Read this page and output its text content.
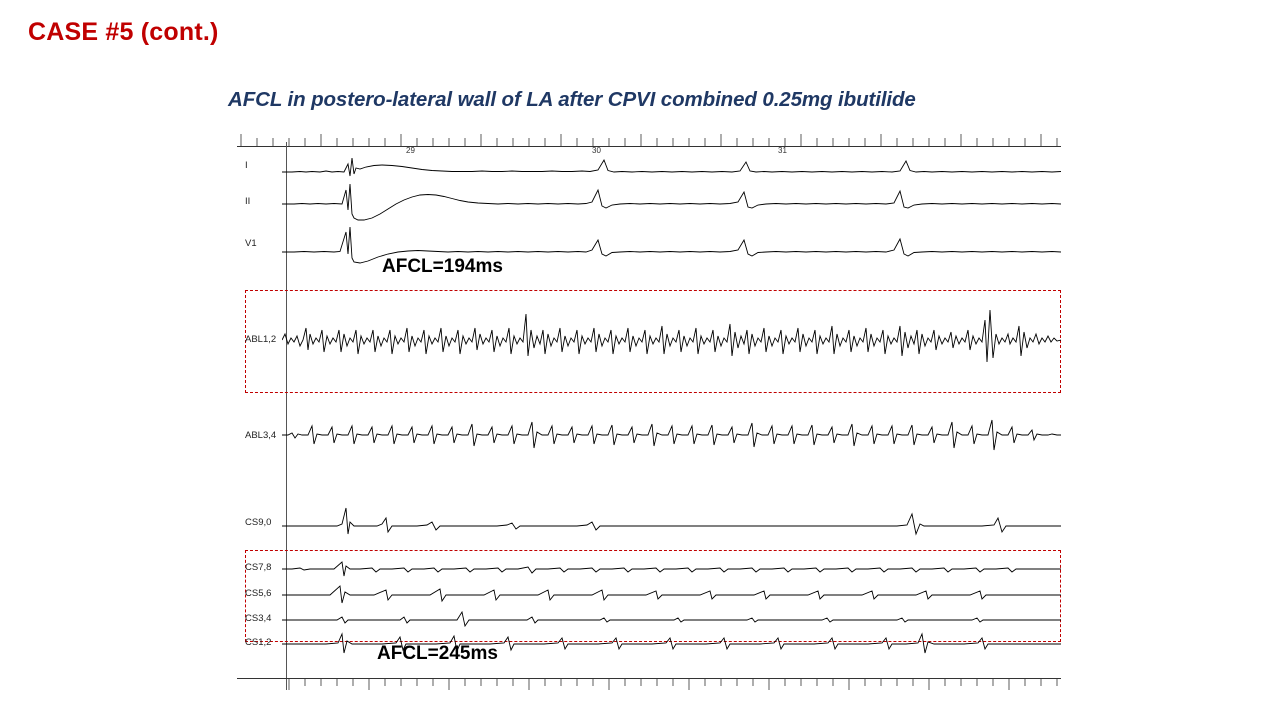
CASE #5 (cont.)
AFCL in postero-lateral wall of LA after CPVI combined 0.25mg ibutilide
29	30	31
I
II
V1
AFCL=194ms
ABL1,2
ABL3,4
CS9,0
CS7,8
CS5,6
CS3,4
CS1,2
AFCL=245ms
